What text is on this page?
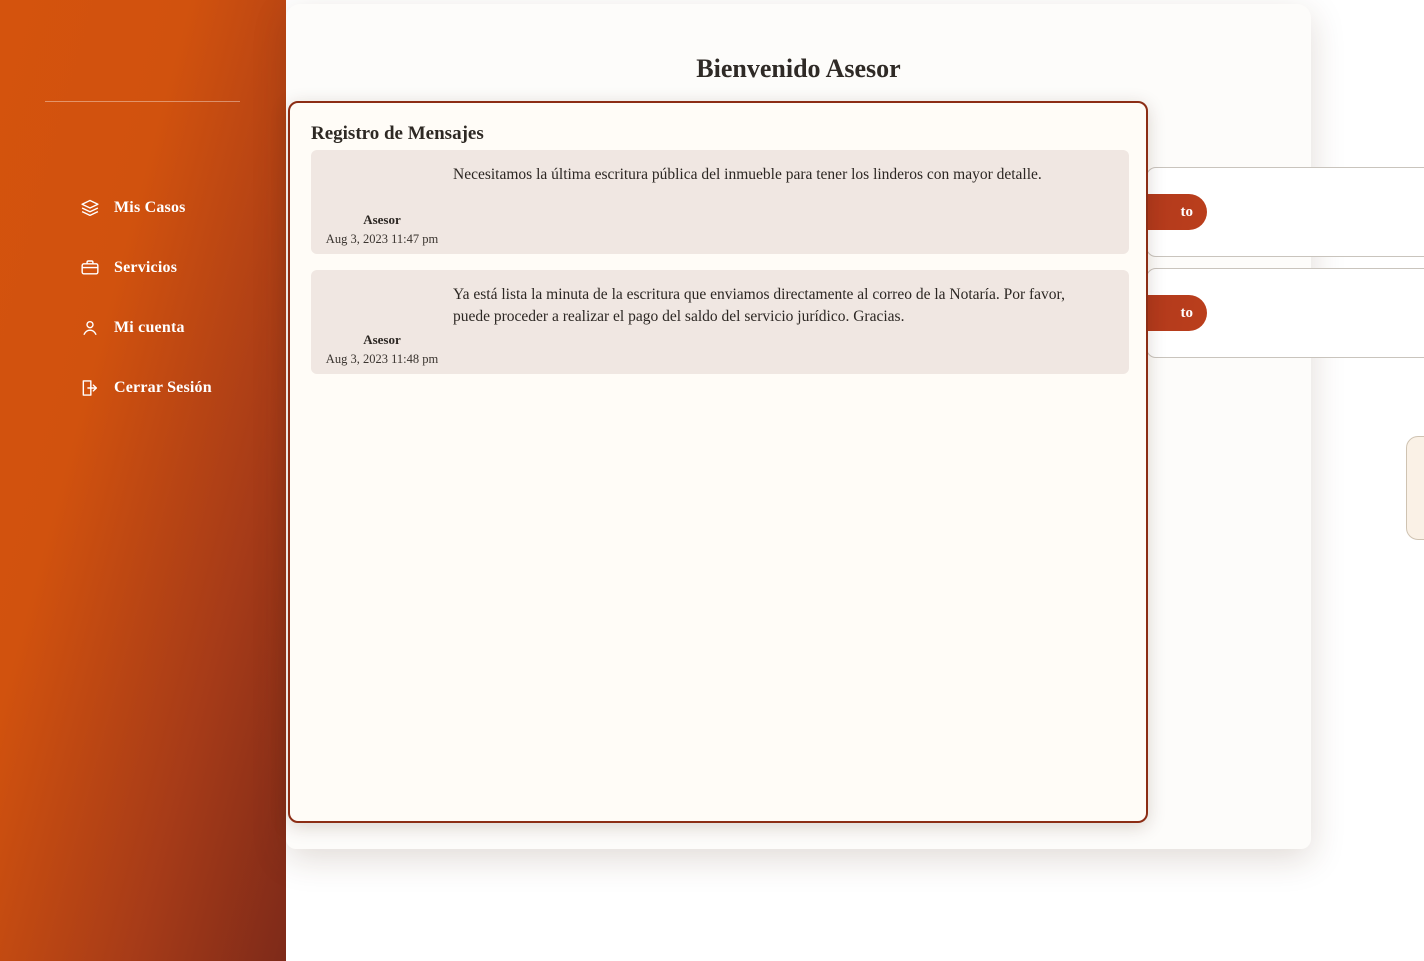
Mis Casos
Servicios
Mi cuenta
Cerrar Sesión
Bienvenido Asesor
to
to
Registro de Mensajes
Necesitamos la última escritura pública del inmueble para tener los linderos con mayor detalle.
Asesor
Aug 3, 2023 11:47 pm
Ya está lista la minuta de la escritura que enviamos directamente al correo de la Notaría. Por favor, puede proceder a realizar el pago del saldo del servicio jurídico. Gracias.
Asesor
Aug 3, 2023 11:48 pm
